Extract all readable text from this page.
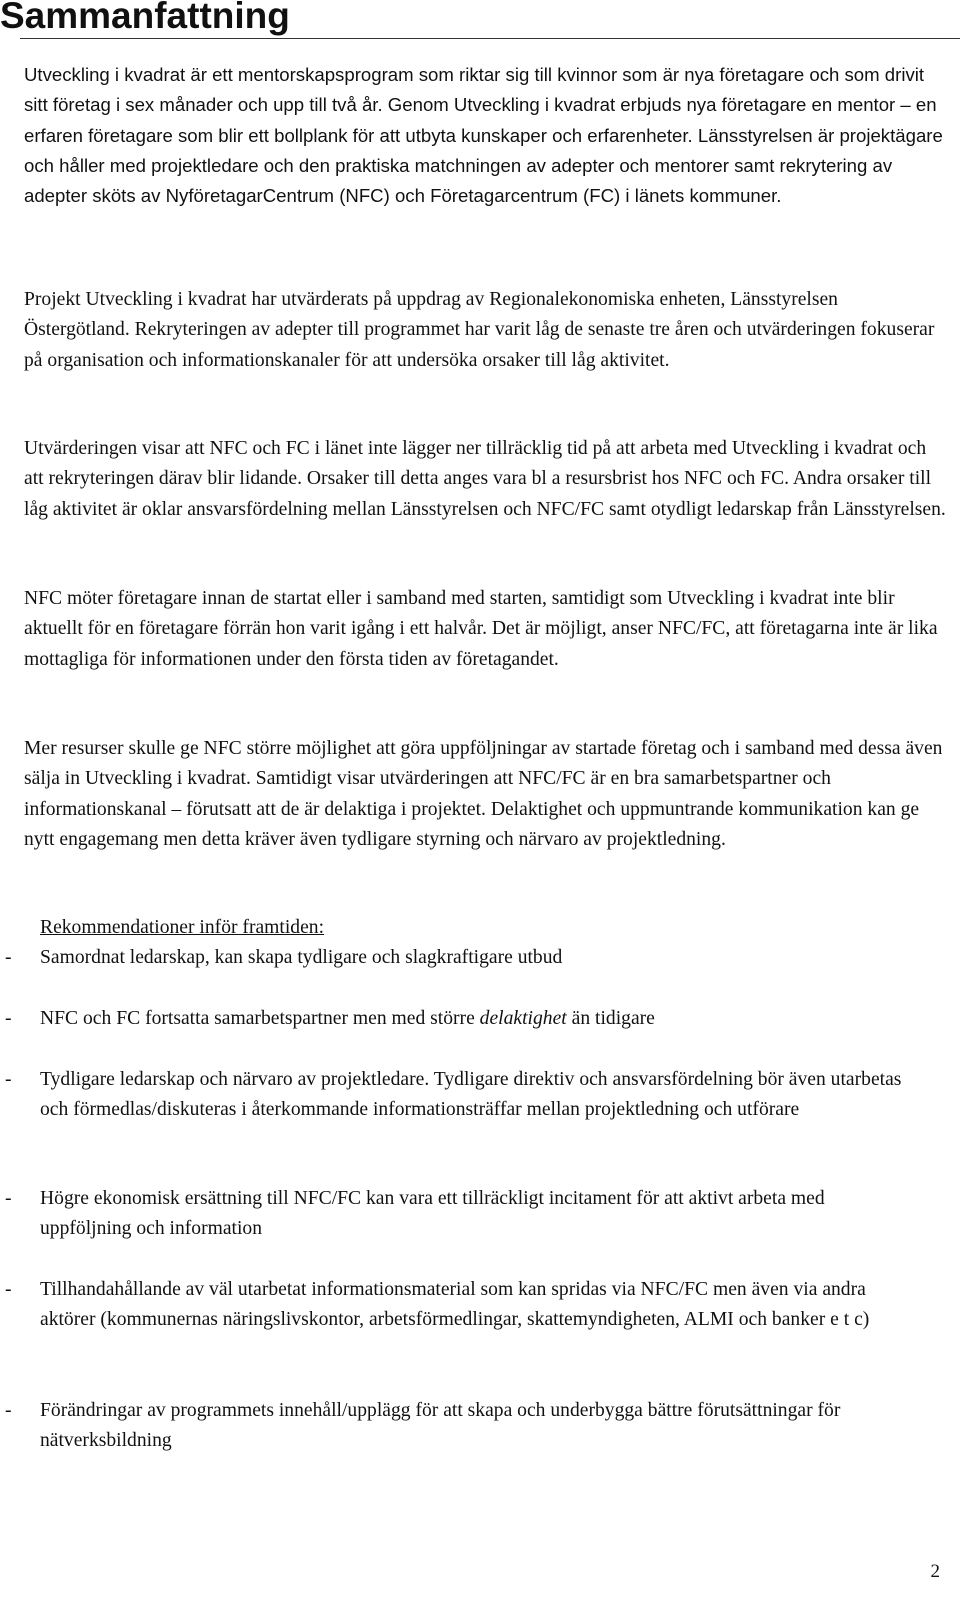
Sammanfattning

Utveckling i kvadrat är ett mentorskapsprogram som riktar sig till kvinnor som är nya företagare och som drivit sitt företag i sex månader och upp till två år. Genom Utveckling i kvadrat erbjuds nya företagare en mentor – en erfaren företagare som blir ett bollplank för att utbyta kunskaper och erfarenheter. Länsstyrelsen är projektägare och håller med projektledare och den praktiska matchningen av adepter och mentorer samt rekrytering av adepter sköts av NyföretagarCentrum (NFC) och Företagarcentrum (FC) i länets kommuner.

Projekt Utveckling i kvadrat har utvärderats på uppdrag av Regionalekonomiska enheten, Länsstyrelsen Östergötland. Rekryteringen av adepter till programmet har varit låg de senaste tre åren och utvärderingen fokuserar på organisation och informationskanaler för att undersöka orsaker till låg aktivitet.

Utvärderingen visar att NFC och FC i länet inte lägger ner tillräcklig tid på att arbeta med Utveckling i kvadrat och att rekryteringen därav blir lidande. Orsaker till detta anges vara bl a resursbrist hos NFC och FC. Andra orsaker till låg aktivitet är oklar ansvarsfördelning mellan Länsstyrelsen och NFC/FC samt otydligt ledarskap från Länsstyrelsen.

NFC möter företagare innan de startat eller i samband med starten, samtidigt som Utveckling i kvadrat inte blir aktuellt för en företagare förrän hon varit igång i ett halvår. Det är möjligt, anser NFC/FC, att företagarna inte är lika mottagliga för informationen under den första tiden av företagandet.

Mer resurser skulle ge NFC större möjlighet att göra uppföljningar av startade företag och i samband med dessa även sälja in Utveckling i kvadrat. Samtidigt visar utvärderingen att NFC/FC är en bra samarbetspartner och informationskanal – förutsatt att de är delaktiga i projektet. Delaktighet och uppmuntrande kommunikation kan ge nytt engagemang men detta kräver även tydligare styrning och närvaro av projektledning.

Rekommendationer inför framtiden:

- Samordnat ledarskap, kan skapa tydligare och slagkraftigare utbud
- NFC och FC fortsatta samarbetspartner men med större delaktighet än tidigare
- Tydligare ledarskap och närvaro av projektledare. Tydligare direktiv och ansvarsfördelning bör även utarbetas och förmedlas/diskuteras i återkommande informationsträffar mellan projektledning och utförare
- Högre ekonomisk ersättning till NFC/FC kan vara ett tillräckligt incitament för att aktivt arbeta med uppföljning och information
- Tillhandahållande av väl utarbetat informationsmaterial som kan spridas via NFC/FC men även via andra aktörer (kommunernas näringslivskontor, arbetsförmedlingar, skattemyndigheten, ALMI och banker e t c)
- Förändringar av programmets innehåll/upplägg för att skapa och underbygga bättre förutsättningar för nätverksbildning
2
